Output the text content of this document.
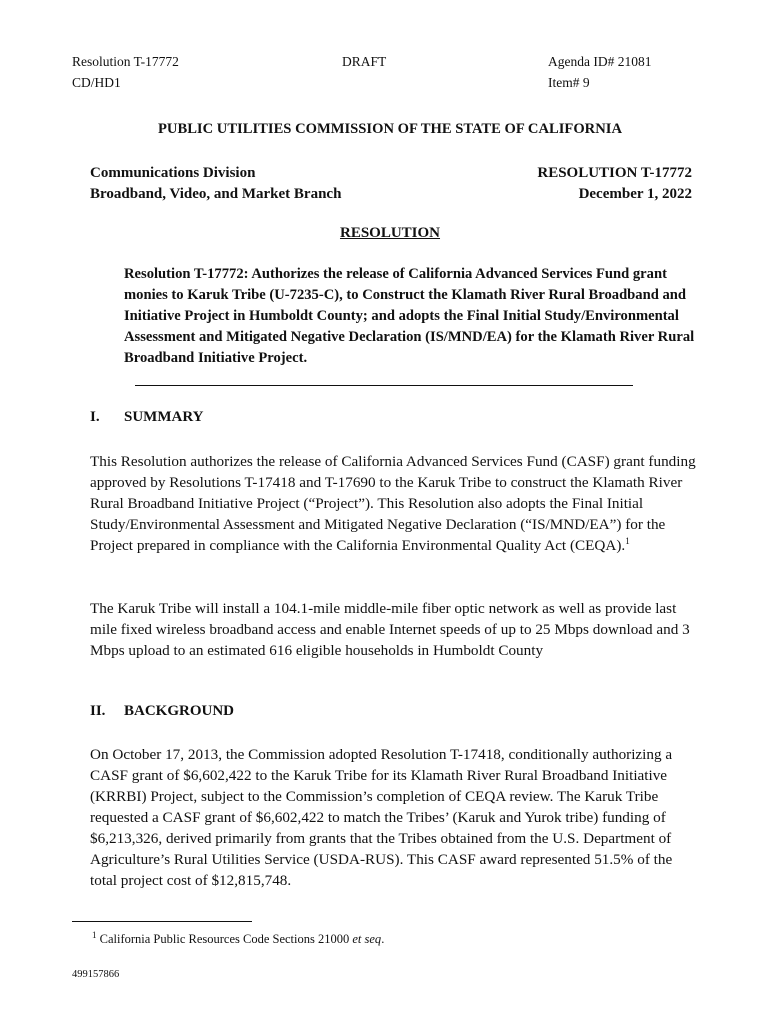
Resolution T-17772
CD/HD1
DRAFT	Agenda ID# 21081
Item# 9
PUBLIC UTILITIES COMMISSION OF THE STATE OF CALIFORNIA
Communications Division
Broadband, Video, and Market Branch
RESOLUTION T-17772
December 1, 2022
RESOLUTION
Resolution T-17772: Authorizes the release of California Advanced Services Fund grant monies to Karuk Tribe (U-7235-C), to Construct the Klamath River Rural Broadband and Initiative Project in Humboldt County; and adopts the Final Initial Study/Environmental Assessment and Mitigated Negative Declaration (IS/MND/EA) for the Klamath River Rural Broadband Initiative Project.
I. SUMMARY
This Resolution authorizes the release of California Advanced Services Fund (CASF) grant funding approved by Resolutions T-17418 and T-17690 to the Karuk Tribe to construct the Klamath River Rural Broadband Initiative Project (“Project”). This Resolution also adopts the Final Initial Study/Environmental Assessment and Mitigated Negative Declaration (“IS/MND/EA”) for the Project prepared in compliance with the California Environmental Quality Act (CEQA).$^1$
The Karuk Tribe will install a 104.1-mile middle-mile fiber optic network as well as provide last mile fixed wireless broadband access and enable Internet speeds of up to 25 Mbps download and 3 Mbps upload to an estimated 616 eligible households in Humboldt County
II. BACKGROUND
On October 17, 2013, the Commission adopted Resolution T-17418, conditionally authorizing a CASF grant of $6,602,422 to the Karuk Tribe for its Klamath River Rural Broadband Initiative (KRRBI) Project, subject to the Commission’s completion of CEQA review. The Karuk Tribe requested a CASF grant of $6,602,422 to match the Tribes’ (Karuk and Yurok tribe) funding of $6,213,326, derived primarily from grants that the Tribes obtained from the U.S. Department of Agriculture’s Rural Utilities Service (USDA-RUS). This CASF award represented 51.5% of the total project cost of $12,815,748.
$^1$ California Public Resources Code Sections 21000 et seq.
499157866
